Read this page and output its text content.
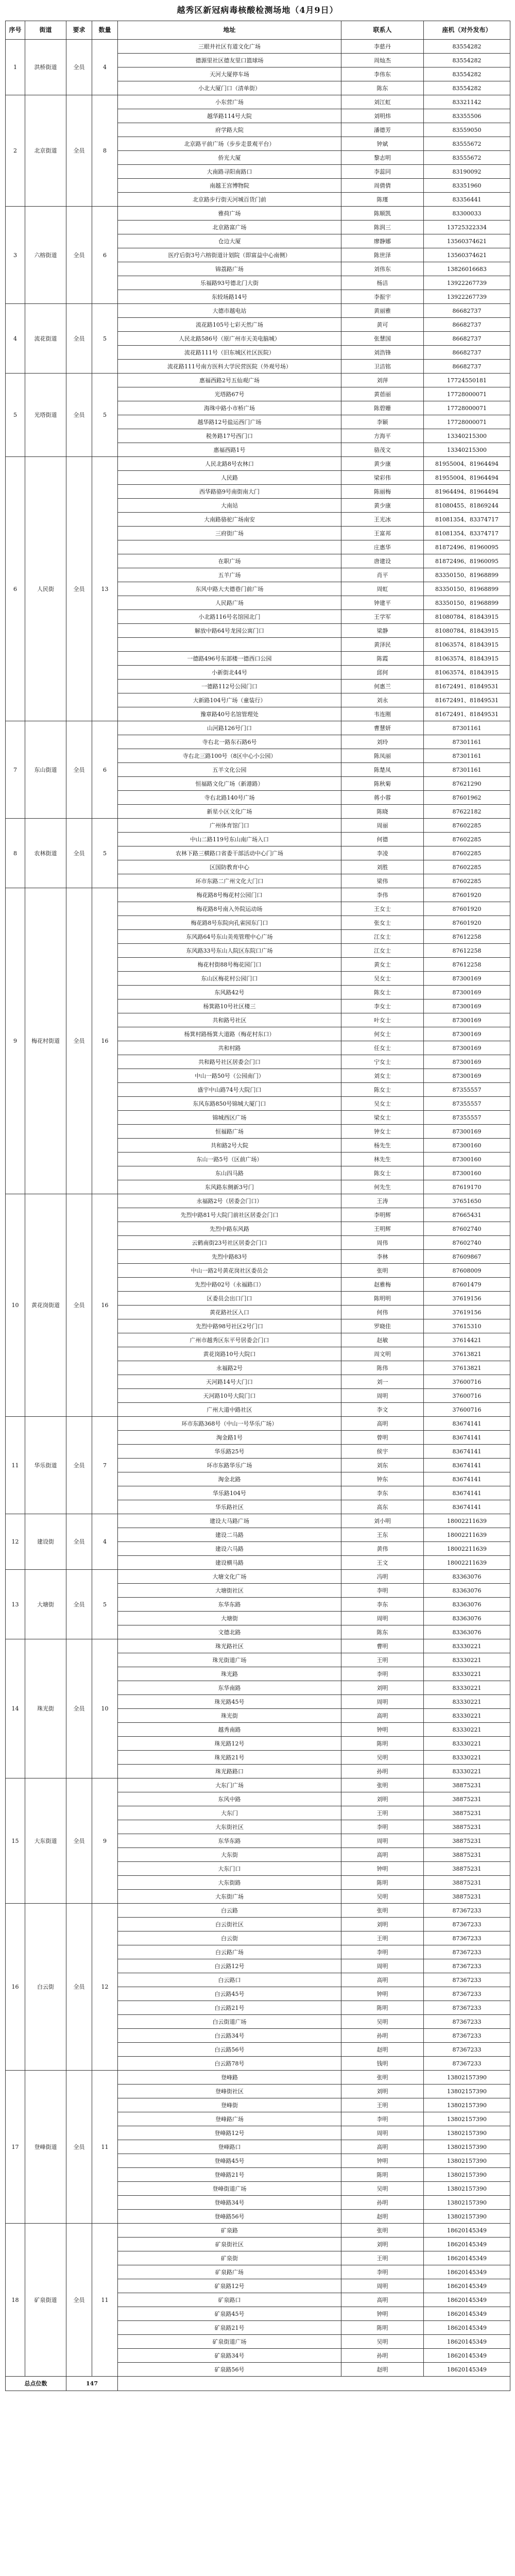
越秀区新冠病毒核酸检测场地（4月9日）
序号	街道	要求	数量	地址	联系人	座机（对外发布）
1	洪桥街道	全员	4	三眼井社区有道文化广场	李慈丹	83554282
				德源里社区德友里口篮球场	周灿杰	83554282
				天河大厦停车场	李伟东	83554282
				小北大厦门口（清单街）	陈东	83554282
2	北京街道	全员	8	小东营广场	刘江虹	83321142
				越华路114号大院	刘明炜	83355506
				府学路大院	潘德芳	83559050
				北京路平前广场（步步走景观平台）	钟斌	83555672
				侨光大厦	黎志明	83555672
				大南路寻阳南路口	李蕊同	83190092
				南越王宫博物院	周倩倩	83351960
				北京路步行街天河城百货门前	陈瑾	83356441
3	六榕街道	全员	6	雅荷广场	陈顺凯	83300033
				北京路富广场	陈润三	13725322334
				仓边大厦	廖静娜	13560374621
				医疗后街3号六榕街道计划院（即富益中心南侧）	陈世泽	13560374621
				锦荔路广场	刘伟东	13826016683
				乐福路93号德北门大街	杨洁	13922267739
				东较场路14号	李振宇	13922267739
4	流花街道	全员	5	大德市越电站	黄丽雅	86682737
				流花路105号七彩天然广场	黄可	86682737
				人民北路586号（原广州市天美电脑城）	张慧国	86682737
				流花路111号（旧东城区社区医院）	刘浩锋	86682737
				流花路111号南方医科大学民营医院（外观号场）	卫洁铭	86682737
5	光塔街道	全员	5	惠福西路2号五仙观广场	刘萍	17724550181
				光塔路67号	黄蓓丽	17728000071
				海珠中路小市桥广场	陈碧姗	17728000071
				越华路12号盐运西门广场	李颖	17728000071
				税务路17号西门口	方海平	13340215300
				惠福西路1号	骆茂文	13340215300
6	人民街	全员	13	人民北路8号农林口	黄少康	81955004、81964494
				人民路	梁彩伟	81955004、81964494
				西华路骆9号南街南大门	陈丽梅	81964494、81964494
				大南站	黄少康	81080455、81869244
				大南路骆驼广场南安	王光冰	81081354、83374717
				三府街广场	王富邦	81081354、83374717
					庄惠华	81872496、81960095
				在职广场	唐建设	81872496、81960095
				五羊广场	肖平	83350150、81968899
				东风中路大夫德巷门前广场	周虹	83350150、81968899
				人民路广场	钟建平	83350150、81968899
				小北路116号名馆园北门	王学军	81080784、81843915
				解放中路64号龙园公寓门口	梁静	81080784、81843915
					黄泽民	81063574、81843915
				一德路496号东部楼一德西口公园	陈霞	81063574、81843915
				小新街北44号	邱何	81063574、81843915
				一德路112号公园门口	何惠兰	81672491、81849531
				大新路104号广场（童装行）	刘永	81672491、81849531
				豫章路40号名馆管理处	韦连刚	81672491、81849531
7	东山街道	全员	6	山河路126号门口	曹慧妍	87301161
				寺右北一路东石路6号	刘玲	87301161
				寺右北三路100号（8区中心小公园）	陈凤丽	87301161
				五羊文化公园	陈楚凤	87301161
				恒福路文化广场（新港路）	陈秋菊	87621290
				寺右北路140号广场	蒋小蓉	87601962
				新星小区文化广场	陈晓	87622182
8	农林街道	全员	5	广州体育馆门口	周丽	87602285
				中山二路119号东山南广场入口	何德	87602285
				农林下路三横路口省委干部活动中心门广场	李凌	87602285
				区国防教育中心	刘胜	87602285
				环市东路二广州文化大门口	梁伟	87602285
9	梅花村街道	全员	16	梅花路8号梅花村公园门口	李伟	87601920
				梅花路8号南入外院运动场	王女士	87601920
				梅花路8号东院向孔雀园东门口	张女士	87601920
				东风路64号东山美苑管理中心广场	江女士	87612258
				东风路33号东山人院区东院口广场	江女士	87612258
				梅花村街88号梅花园门口	黄女士	87612258
				东山区梅花村公园门口	吴女士	87300169
				东风路42号	陈女士	87300169
				杨箕路10号社区楼三	李女士	87300169
				共和路号社区	叶女士	87300169
				杨箕村路杨箕大道路（梅花村东口）	何女士	87300169
				共和村路	任女士	87300169
				共和路号社区居委会门口	宁女士	87300169
				中山一路50号（公园南门）	刘女士	87300169
				盛宇中山路74号大院门口	陈女士	87355557
				东风东路850号锦城大厦门口	吴女士	87355557
				锦城西区广场	梁女士	87355557
				恒福路广场	钟女士	87300169
				共和路2号大院	杨先生	87300160
				东山一路5号（区前广场）	林先生	87300160
				东山四马路	陈女士	87300160
				东风路东侧新3号门	何先生	87619170
10	黄花岗街道	全员	16	永福路2号（居委会门口）	王涛	37651650
				先烈中路81号大院门前社区居委会门口	李明辉	87665431
				先烈中路东风路	王明辉	87602740
				云鹤南街23号社区居委会门口	周伟	87602740
				先烈中路83号	李林	87609867
				中山一路2号黄花岗社区委员会	张明	87608009
				先烈中路02号（永福路口）	赵雅梅	87601479
				区委员会出口门口	陈明明	37619156
				黄花路社区入口	何伟	37619156
				先烈中路98号社区2号门口	罗晓佳	37615310
				广州市越秀区东平号居委会门口	赵敏	37614421
				黄花岗路10号大院口	周文明	37613821
				永福路2号	陈伟	37613821
				天河路14号大门口	刘一	37600716
				天河路10号大院门口	周明	37600716
				广州大道中路社区	李文	37600716
11	华乐街道	全员	7	环市东路368号（中山一号华乐广场）	高明	83674141
				淘金路1号	曾明	83674141
				华乐路25号	侯宇	83674141
				环市东路华乐广场	刘东	83674141
				淘金北路	钟东	83674141
				华乐路104号	李东	83674141
				华乐路社区	高东	83674141
12	建设街	全员	4	建设大马路广场	刘小明	18002211639
				建设二马路	王东	18002211639
				建设六马路	黄伟	18002211639
				建设横马路	王文	18002211639
13	大塘街	全员	5	大塘文化广场	冯明	83363076
				大塘街社区	李明	83363076
				东华东路	李东	83363076
				大塘街	周明	83363076
				文德北路	陈东	83363076
14	珠光街	全员	10	珠光路社区	曹明	83330221
				珠光街道广场	王明	83330221
				珠光路	李明	83330221
				东华南路	刘明	83330221
				珠光路45号	周明	83330221
				珠光街	高明	83330221
				越秀南路	钟明	83330221
				珠光路12号	陈明	83330221
				珠光路21号	吴明	83330221
				珠光路路口	孙明	83330221
15	大东街道	全员	9	大东门广场	张明	38875231
				东风中路	刘明	38875231
				大东门	王明	38875231
				大东街社区	李明	38875231
				东华东路	周明	38875231
				大东街	高明	38875231
				大东门口	钟明	38875231
				大东街路	陈明	38875231
				大东街广场	吴明	38875231
16	白云街	全员	12	白云路	张明	87367233
				白云街社区	刘明	87367233
				白云街	王明	87367233
				白云路广场	李明	87367233
				白云路12号	周明	87367233
				白云路口	高明	87367233
				白云路45号	钟明	87367233
				白云路21号	陈明	87367233
				白云街道广场	吴明	87367233
				白云路34号	孙明	87367233
				白云路56号	赵明	87367233
				白云路78号	钱明	87367233
17	登峰街道	全员	11	登峰路	张明	13802157390
				登峰街社区	刘明	13802157390
				登峰街	王明	13802157390
				登峰路广场	李明	13802157390
				登峰路12号	周明	13802157390
				登峰路口	高明	13802157390
				登峰路45号	钟明	13802157390
				登峰路21号	陈明	13802157390
				登峰街道广场	吴明	13802157390
				登峰路34号	孙明	13802157390
				登峰路56号	赵明	13802157390
18	矿泉街道	全员	11	矿泉路	张明	18620145349
				矿泉街社区	刘明	18620145349
				矿泉街	王明	18620145349
				矿泉路广场	李明	18620145349
				矿泉路12号	周明	18620145349
				矿泉路口	高明	18620145349
				矿泉路45号	钟明	18620145349
				矿泉路21号	陈明	18620145349
				矿泉街道广场	吴明	18620145349
				矿泉路34号	孙明	18620145349
				矿泉路56号	赵明	18620145349
总点位数		147				
